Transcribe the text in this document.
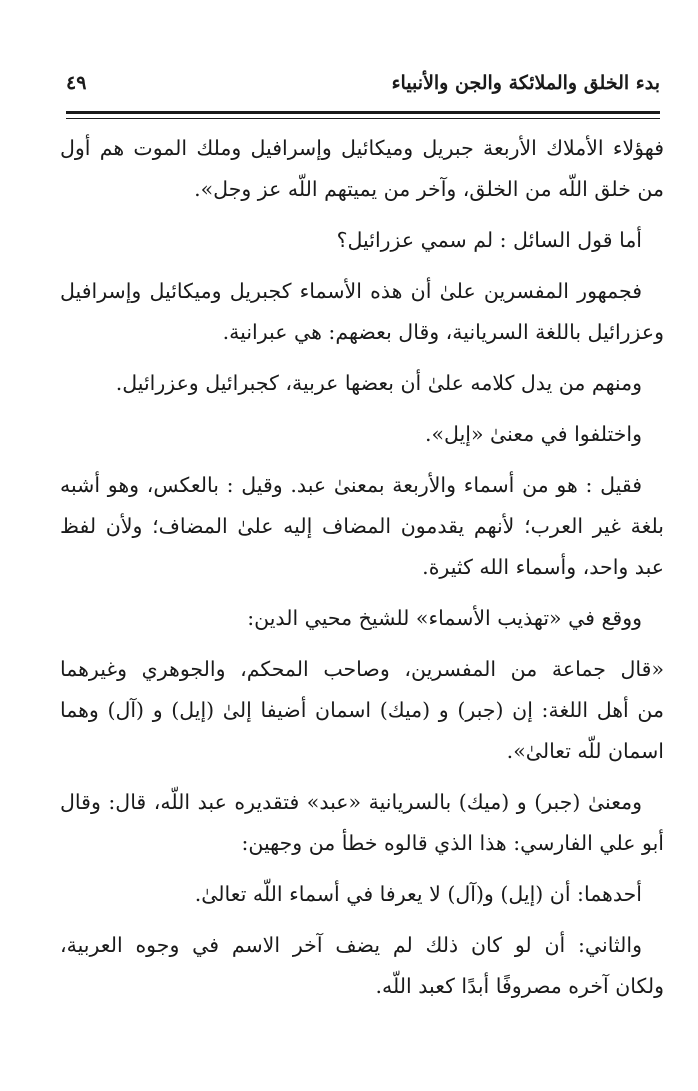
بدء الخلق والملائكة والجن والأنبياء
٤٩
فهؤلاء الأملاك الأربعة جبريل وميكائيل وإسرافيل وملك الموت هم أول
من خلق اللّه من الخلق، وآخر من يميتهم اللّه عز وجل».
أما قول السائل : لم سمي عزرائيل؟
فجمهور المفسرين علىٰ أن هذه الأسماء كجبريل وميكائيل وإسرافيل
وعزرائيل باللغة السريانية، وقال بعضهم: هي عبرانية.
ومنهم من يدل كلامه علىٰ أن بعضها عربية، كجبرائيل وعزرائيل.
واختلفوا في معنىٰ «إيل».
فقيل : هو من أسماء والأربعة بمعنىٰ عبد. وقيل : بالعكس، وهو أشبه
بلغة غير العرب؛ لأنهم يقدمون المضاف إليه علىٰ المضاف؛ ولأن لفظ
عبد واحد، وأسماء الله كثيرة.
ووقع في «تهذيب الأسماء» للشيخ محيي الدين:
«قال جماعة من المفسرين، وصاحب المحكم، والجوهري وغيرهما
من أهل اللغة: إن (جبر) و (ميك) اسمان أضيفا إلىٰ (إيل) و (آل) وهما
اسمان للّه تعالىٰ».
ومعنىٰ (جبر) و (ميك) بالسريانية «عبد» فتقديره عبد اللّه، قال: وقال
أبو علي الفارسي: هذا الذي قالوه خطأ من وجهين:
أحدهما: أن (إيل) و(آل) لا يعرفا في أسماء اللّه تعالىٰ.
والثاني: أن لو كان ذلك لم يضف آخر الاسم في وجوه العربية،
ولكان آخره مصروفًا أبدًا كعبد اللّه.
